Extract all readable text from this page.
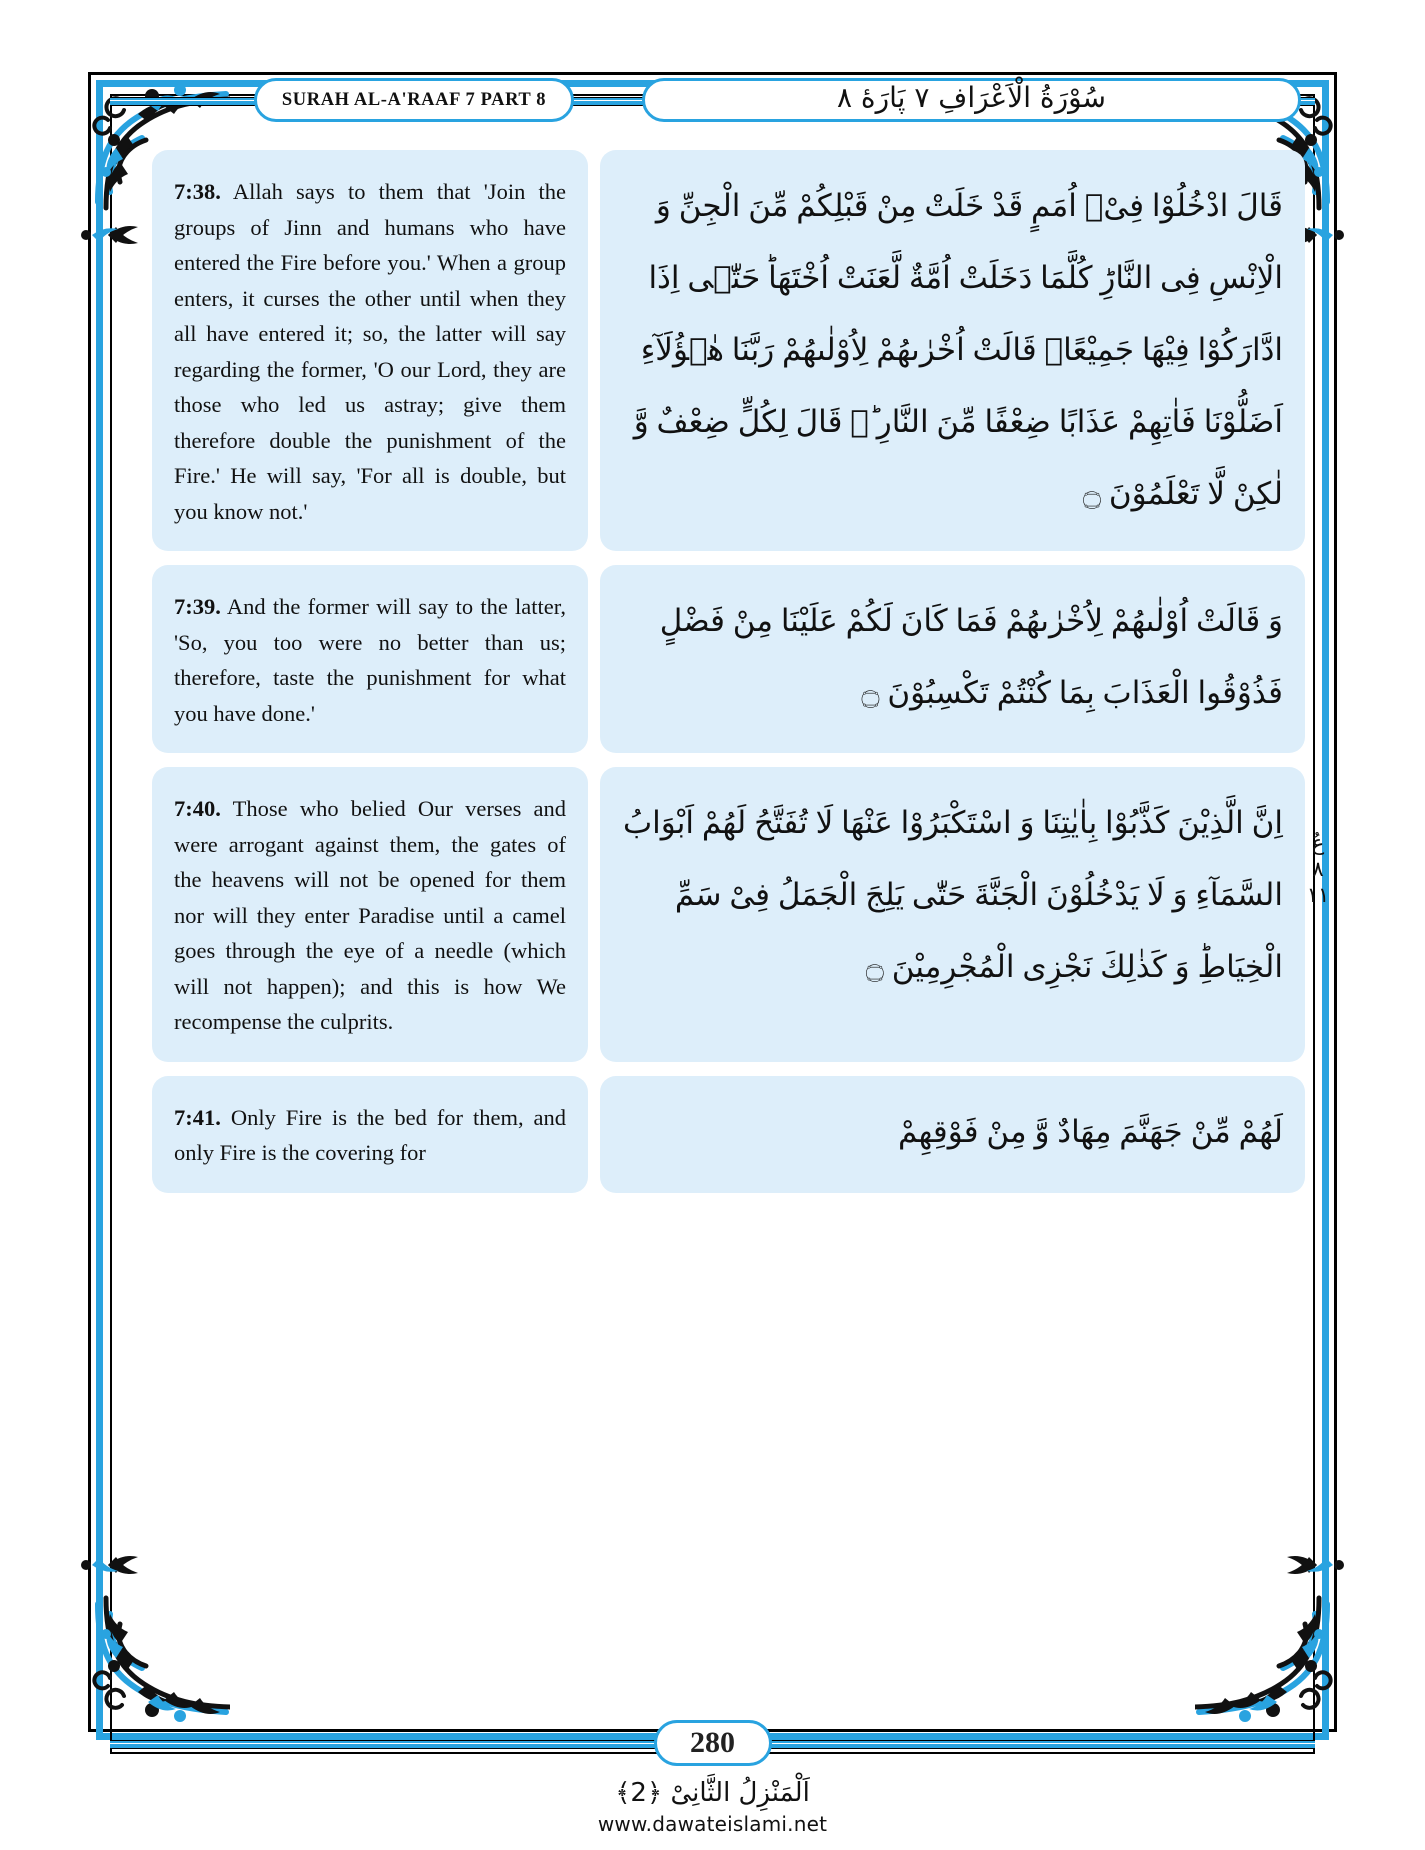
SURAH AL-A'RAAF 7 PART 8	سُوْرَةُ الْاَعْرَافِ ٧ پَارَهٔ ٨

7:38. Allah says to them that 'Join the groups of Jinn and humans who have entered the Fire before you.' When a group enters, it curses the other until when they all have entered it; so, the latter will say regarding the former, 'O our Lord, they are those who led us astray; give them therefore double the punishment of the Fire.' He will say, 'For all is double, but you know not.'

قَالَ ادْخُلُوْا فِیْۤ اُمَمٍ قَدْ خَلَتْ مِنْ قَبْلِكُمْ مِّنَ الْجِنِّ وَ الْاِنْسِ فِی النَّارِؕ كُلَّمَا دَخَلَتْ اُمَّةٌ لَّعَنَتْ اُخْتَهَاؕ حَتّٰۤى اِذَا ادَّارَكُوْا فِیْهَا جَمِیْعًاۙ قَالَتْ اُخْرٰىهُمْ لِاُوْلٰىهُمْ رَبَّنَا هٰۤؤُلَآءِ اَضَلُّوْنَا فَاٰتِهِمْ عَذَابًا ضِعْفًا مِّنَ النَّارِ ؕ۬ قَالَ لِكُلٍّ ضِعْفٌ وَّ لٰكِنْ لَّا تَعْلَمُوْنَ ۝

7:39. And the former will say to the latter, 'So, you too were no better than us; therefore, taste the punishment for what you have done.'

وَ قَالَتْ اُوْلٰىهُمْ لِاُخْرٰىهُمْ فَمَا كَانَ لَكُمْ عَلَیْنَا مِنْ فَضْلٍ فَذُوْقُوا الْعَذَابَ بِمَا كُنْتُمْ تَكْسِبُوْنَ ۝

7:40. Those who belied Our verses and were arrogant against them, the gates of the heavens will not be opened for them nor will they enter Paradise until a camel goes through the eye of a needle (which will not happen); and this is how We recompense the culprits.

اِنَّ الَّذِیْنَ كَذَّبُوْا بِاٰیٰتِنَا وَ اسْتَكْبَرُوْا عَنْهَا لَا تُفَتَّحُ لَهُمْ اَبْوَابُ السَّمَآءِ وَ لَا یَدْخُلُوْنَ الْجَنَّةَ حَتّٰى یَلِجَ الْجَمَلُ فِیْ سَمِّ الْخِیَاطِؕ وَ كَذٰلِكَ نَجْزِی الْمُجْرِمِیْنَ ۝

7:41. Only Fire is the bed for them, and only Fire is the covering for

لَهُمْ مِّنْ جَهَنَّمَ مِهَادٌ وَّ مِنْ فَوْقِهِمْ

عُ
٨
١١
280
اَلْمَنْزِلُ الثَّانِیْ ﴿2﴾
www.dawateislami.net
